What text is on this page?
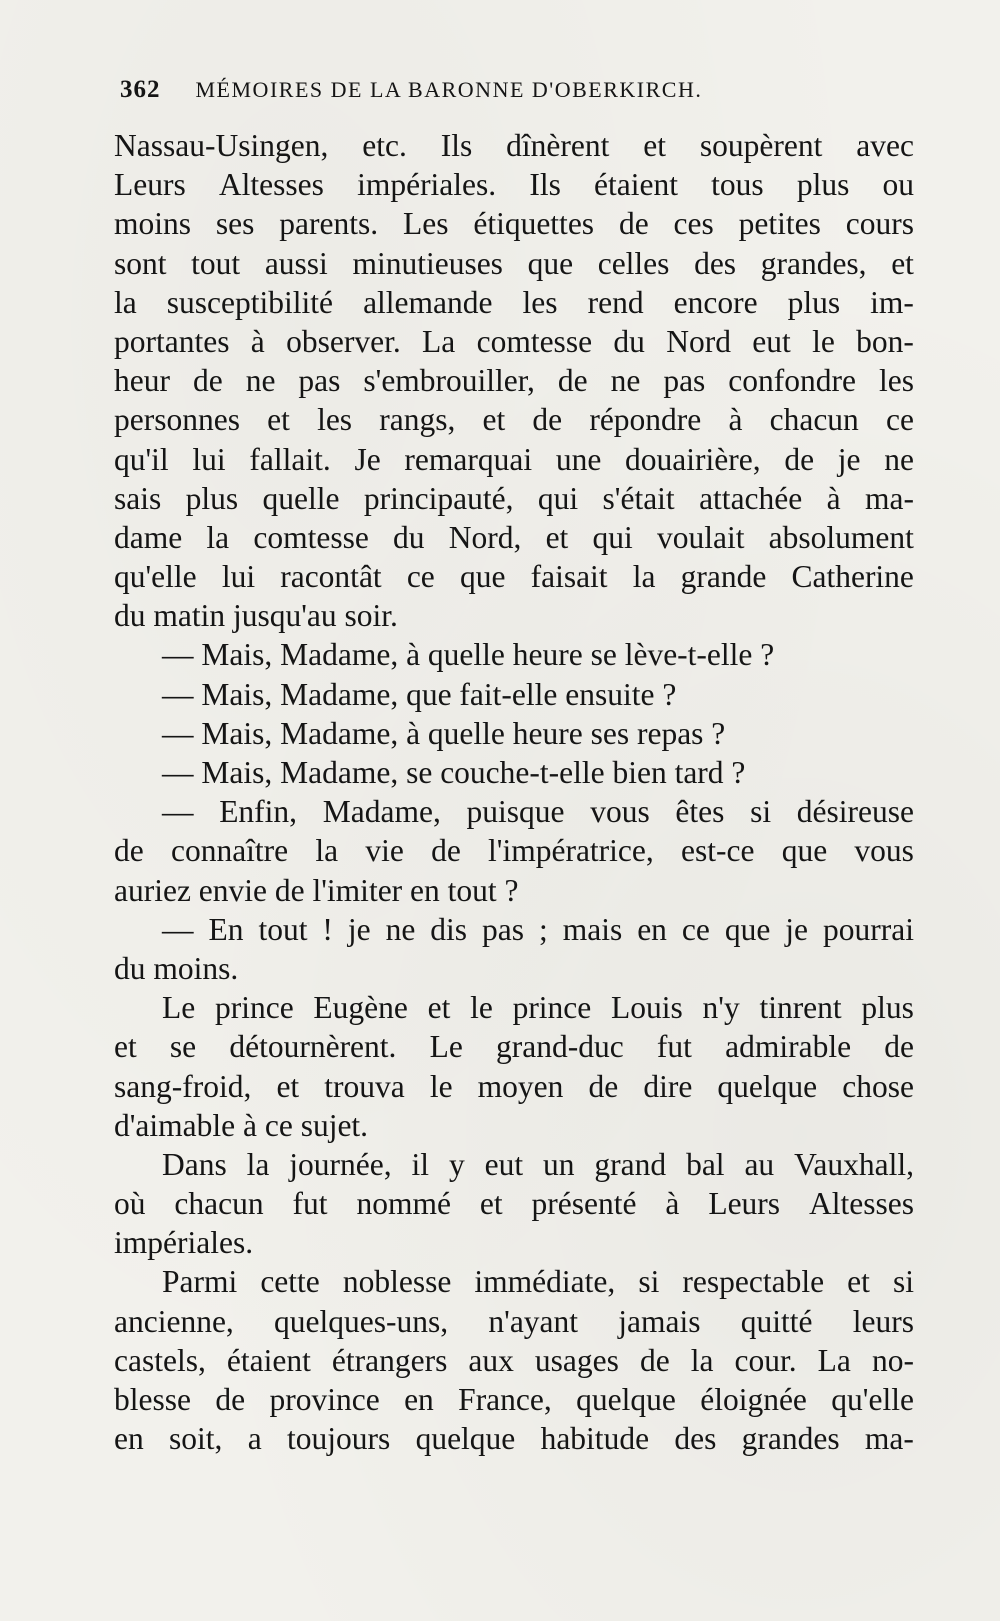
362 MÉMOIRES DE LA BARONNE D'OBERKIRCH.
Nassau-Usingen, etc. Ils dînèrent et soupèrent avec
Leurs Altesses impériales. Ils étaient tous plus ou
moins ses parents. Les étiquettes de ces petites cours
sont tout aussi minutieuses que celles des grandes, et
la susceptibilité allemande les rend encore plus im-
portantes à observer. La comtesse du Nord eut le bon-
heur de ne pas s'embrouiller, de ne pas confondre les
personnes et les rangs, et de répondre à chacun ce
qu'il lui fallait. Je remarquai une douairière, de je ne
sais plus quelle principauté, qui s'était attachée à ma-
dame la comtesse du Nord, et qui voulait absolument
qu'elle lui racontât ce que faisait la grande Catherine
du matin jusqu'au soir.
— Mais, Madame, à quelle heure se lève-t-elle ?
— Mais, Madame, que fait-elle ensuite ?
— Mais, Madame, à quelle heure ses repas ?
— Mais, Madame, se couche-t-elle bien tard ?
— Enfin, Madame, puisque vous êtes si désireuse
de connaître la vie de l'impératrice, est-ce que vous
auriez envie de l'imiter en tout ?
— En tout ! je ne dis pas ; mais en ce que je pourrai
du moins.
Le prince Eugène et le prince Louis n'y tinrent plus
et se détournèrent. Le grand-duc fut admirable de
sang-froid, et trouva le moyen de dire quelque chose
d'aimable à ce sujet.
Dans la journée, il y eut un grand bal au Vauxhall,
où chacun fut nommé et présenté à Leurs Altesses
impériales.
Parmi cette noblesse immédiate, si respectable et si
ancienne, quelques-uns, n'ayant jamais quitté leurs
castels, étaient étrangers aux usages de la cour. La no-
blesse de province en France, quelque éloignée qu'elle
en soit, a toujours quelque habitude des grandes ma-
